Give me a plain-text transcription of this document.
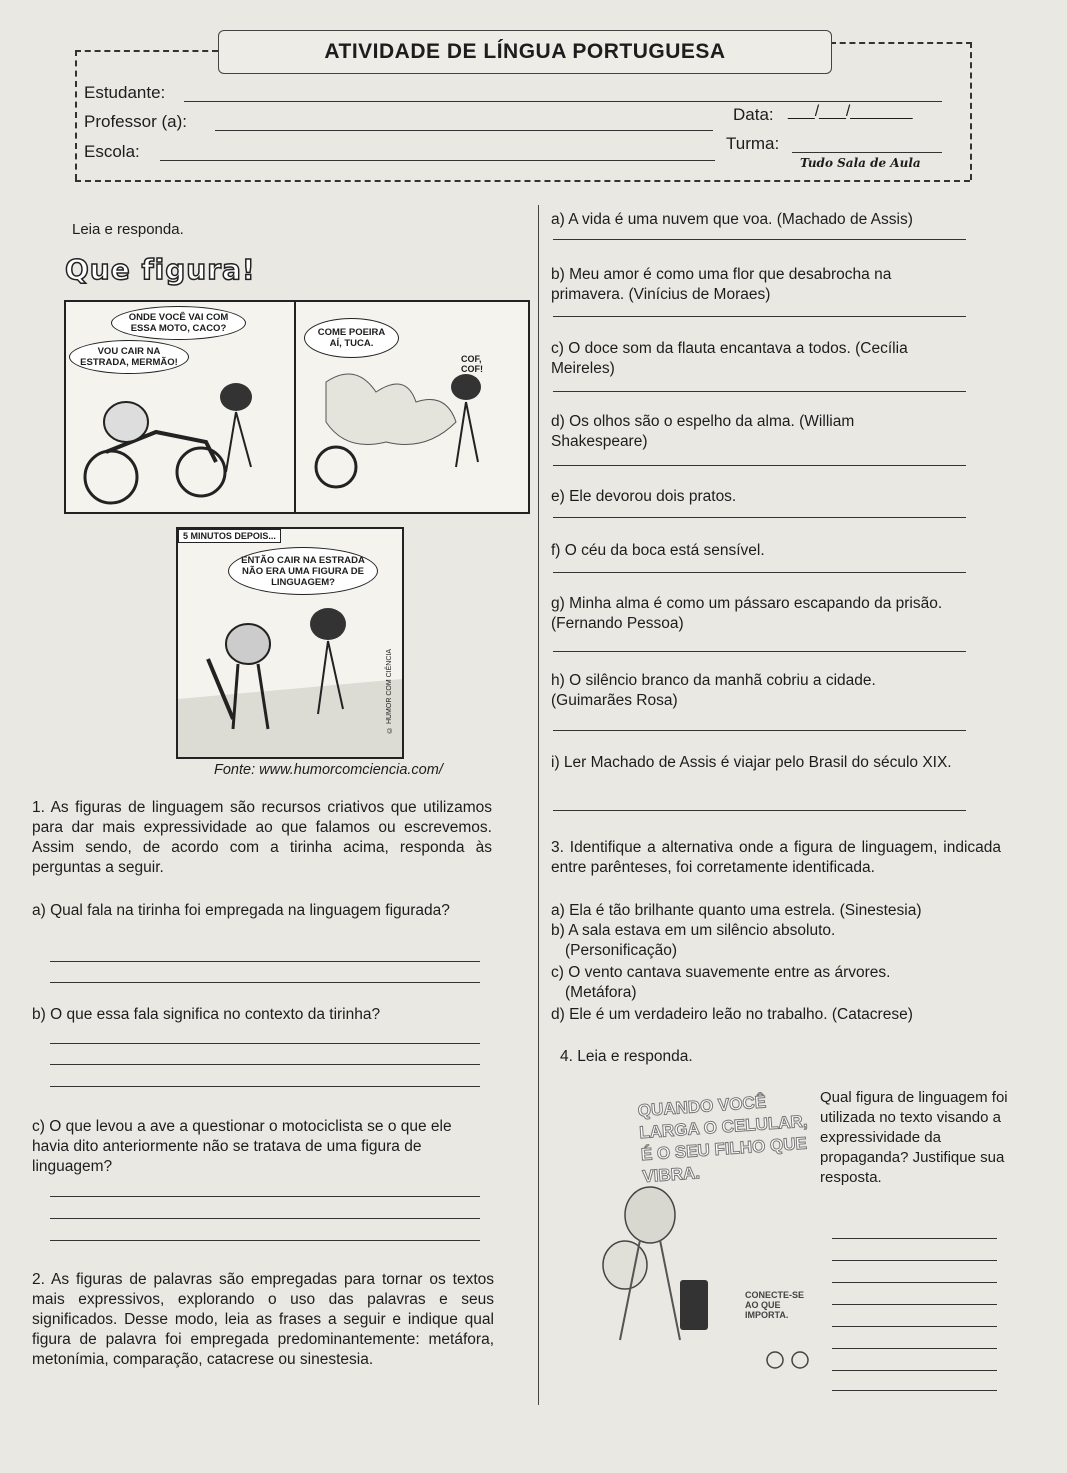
ATIVIDADE DE LÍNGUA PORTUGUESA
Estudante:
Professor (a):	Data: ___/___/_______
Escola:	Turma:
Tudo Sala de Aula
Leia e responda.
Que figura!
ONDE VOCÊ VAI COM ESSA MOTO, CACO?
VOU CAIR NA ESTRADA, MERMÃO!
COME POEIRA AÍ, TUCA.
COF, COF!
5 MINUTOS DEPOIS...
ENTÃO CAIR NA ESTRADA NÃO ERA UMA FIGURA DE LINGUAGEM?
© HUMOR COM CIÊNCIA
Fonte: www.humorcomciencia.com/
1. As figuras de linguagem são recursos criativos que utilizamos para dar mais expressividade ao que falamos ou escrevemos. Assim sendo, de acordo com a tirinha acima, responda às perguntas a seguir.
a) Qual fala na tirinha foi empregada na linguagem figurada?
b) O que essa fala significa no contexto da tirinha?
c) O que levou a ave a questionar o motociclista se o que ele havia dito anteriormente não se tratava de uma figura de linguagem?
2. As figuras de palavras são empregadas para tornar os textos mais expressivos, explorando o uso das palavras e seus significados. Desse modo, leia as frases a seguir e indique qual figura de palavra foi empregada predominantemente: metáfora, metonímia, comparação, catacrese ou sinestesia.
a) A vida é uma nuvem que voa. (Machado de Assis)
b) Meu amor é como uma flor que desabrocha na primavera. (Vinícius de Moraes)
c) O doce som da flauta encantava a todos. (Cecília Meireles)
d) Os olhos são o espelho da alma. (William Shakespeare)
e) Ele devorou dois pratos.
f) O céu da boca está sensível.
g) Minha alma é como um pássaro escapando da prisão. (Fernando Pessoa)
h) O silêncio branco da manhã cobriu a cidade. (Guimarães Rosa)
i) Ler Machado de Assis é viajar pelo Brasil do século XIX.
3. Identifique a alternativa onde a figura de linguagem, indicada entre parênteses, foi corretamente identificada.
a) Ela é tão brilhante quanto uma estrela. (Sinestesia)
b) A sala estava em um silêncio absoluto.
(Personificação)
c) O vento cantava suavemente entre as árvores.
(Metáfora)
d) Ele é um verdadeiro leão no trabalho. (Catacrese)
4. Leia e responda.
QUANDO VOCÊ LARGA O CELULAR, É O SEU FILHO QUE VIBRA.
CONECTE-SE AO QUE IMPORTA.
Qual figura de linguagem foi utilizada no texto visando a expressividade da propaganda? Justifique sua resposta.
